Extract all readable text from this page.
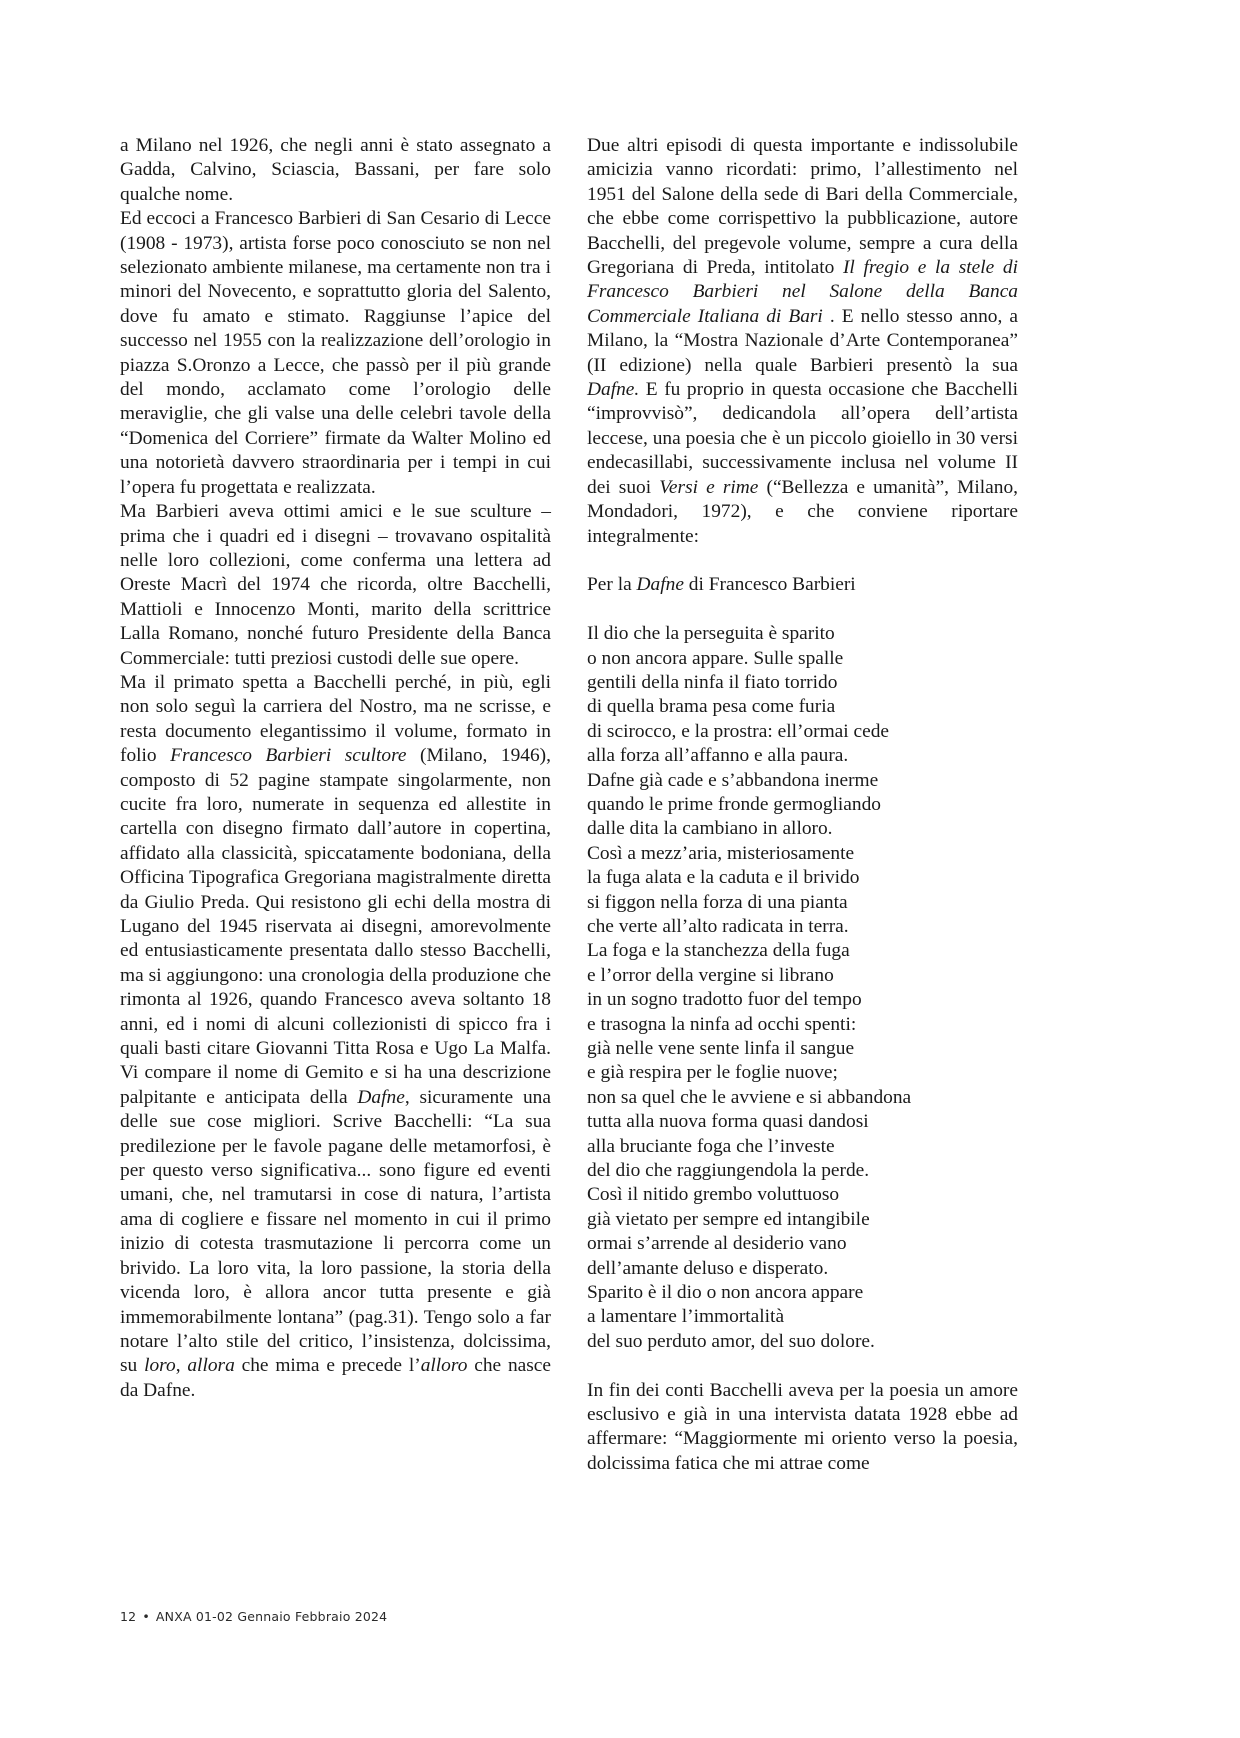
a Milano nel 1926, che negli anni è stato assegnato a Gadda, Calvino, Sciascia, Bassani, per fare solo qualche nome.

Ed eccoci a Francesco Barbieri di San Cesario di Lecce (1908 - 1973), artista forse poco conosciuto se non nel selezionato ambiente milanese, ma certamente non tra i minori del Novecento, e soprattutto gloria del Salento, dove fu amato e stimato. Raggiunse l’apice del successo nel 1955 con la realizzazione dell’orologio in piazza S.Oronzo a Lecce, che passò per il più grande del mondo, acclamato come l’orologio delle meraviglie, che gli valse una delle celebri tavole della “Domenica del Corriere” firmate da Walter Molino ed una notorietà davvero straordinaria per i tempi in cui l’opera fu progettata e realizzata.

Ma Barbieri aveva ottimi amici e le sue sculture – prima che i quadri ed i disegni – trovavano ospitalità nelle loro collezioni, come conferma una lettera ad Oreste Macrì del 1974 che ricorda, oltre Bacchelli, Mattioli e Innocenzo Monti, marito della scrittrice Lalla Romano, nonché futuro Presidente della Banca Commerciale: tutti preziosi custodi delle sue opere.

Ma il primato spetta a Bacchelli perché, in più, egli non solo seguì la carriera del Nostro, ma ne scrisse, e resta documento elegantissimo il volume, formato in folio Francesco Barbieri scultore (Milano, 1946), composto di 52 pagine stampate singolarmente, non cucite fra loro, numerate in sequenza ed allestite in cartella con disegno firmato dall’autore in copertina, affidato alla classicità, spiccatamente bodoniana, della Officina Tipografica Gregoriana magistralmente diretta da Giulio Preda. Qui resistono gli echi della mostra di Lugano del 1945 riservata ai disegni, amorevolmente ed entusiasticamente presentata dallo stesso Bacchelli, ma si aggiungono: una cronologia della produzione che rimonta al 1926, quando Francesco aveva soltanto 18 anni, ed i nomi di alcuni collezionisti di spicco fra i quali basti citare Giovanni Titta Rosa e Ugo La Malfa. Vi compare il nome di Gemito e si ha una descrizione palpitante e anticipata della Dafne, sicuramente una delle sue cose migliori. Scrive Bacchelli: “La sua predilezione per le favole pagane delle metamorfosi, è per questo verso significativa... sono figure ed eventi umani, che, nel tramutarsi in cose di natura, l’artista ama di cogliere e fissare nel momento in cui il primo inizio di cotesta trasmutazione li percorra come un brivido. La loro vita, la loro passione, la storia della vicenda loro, è allora ancor tutta presente e già immemorabilmente lontana” (pag.31). Tengo solo a far notare l’alto stile del critico, l’insistenza, dolcissima, su loro, allora che mima e precede l’alloro che nasce da Dafne.

Due altri episodi di questa importante e indissolubile amicizia vanno ricordati: primo, l’allestimento nel 1951 del Salone della sede di Bari della Commerciale, che ebbe come corrispettivo la pubblicazione, autore Bacchelli, del pregevole volume, sempre a cura della Gregoriana di Preda, intitolato Il fregio e la stele di Francesco Barbieri nel Salone della Banca Commerciale Italiana di Bari . E nello stesso anno, a Milano, la “Mostra Nazionale d’Arte Contemporanea” (II edizione) nella quale Barbieri presentò la sua Dafne. E fu proprio in questa occasione che Bacchelli “improvvisò”, dedicandola all’opera dell’artista leccese, una poesia che è un piccolo gioiello in 30 versi endecasillabi, successivamente inclusa nel volume II dei suoi Versi e rime (“Bellezza e umanità”, Milano, Mondadori, 1972), e che conviene riportare integralmente:

Per la Dafne di Francesco Barbieri

Il dio che la perseguita è sparito
o non ancora appare. Sulle spalle
gentili della ninfa il fiato torrido
di quella brama pesa come furia
di scirocco, e la prostra: ell’ormai cede
alla forza all’affanno e alla paura.
Dafne già cade e s’abbandona inerme
quando le prime fronde germogliando
dalle dita la cambiano in alloro.
Così a mezz’aria, misteriosamente
la fuga alata e la caduta e il brivido
si figgon nella forza di una pianta
che verte all’alto radicata in terra.
La foga e la stanchezza della fuga
e l’orror della vergine si librano
in un sogno tradotto fuor del tempo
e trasogna la ninfa ad occhi spenti:
già nelle vene sente linfa il sangue
e già respira per le foglie nuove;
non sa quel che le avviene e si abbandona
tutta alla nuova forma quasi dandosi
alla bruciante foga che l’investe
del dio che raggiungendola la perde.
Così il nitido grembo voluttuoso
già vietato per sempre ed intangibile
ormai s’arrende al desiderio vano
dell’amante deluso e disperato.
Sparito è il dio o non ancora appare
a lamentare l’immortalità
del suo perduto amor, del suo dolore.

In fin dei conti Bacchelli aveva per la poesia un amore esclusivo e già in una intervista datata 1928 ebbe ad affermare: “Maggiormente mi oriento verso la poesia, dolcissima fatica che mi attrae come

12 • ANXA 01-02 Gennaio Febbraio 2024
